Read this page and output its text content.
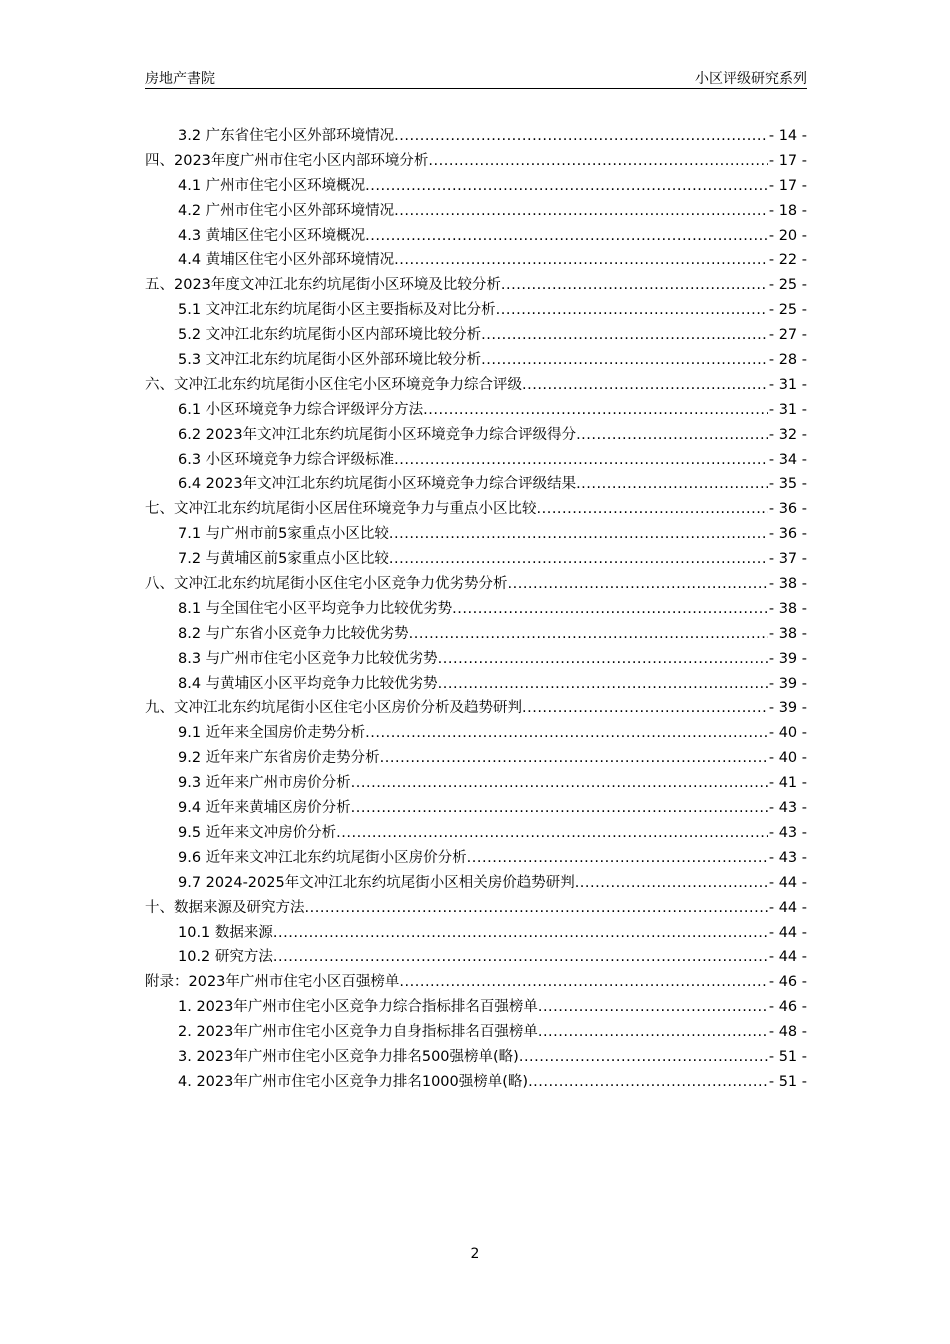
房地产書院	小区评级研究系列
3.2 广东省住宅小区外部环境情况 .....	- 14 -
四、2023年度广州市住宅小区内部环境分析 .....	- 17 -
4.1 广州市住宅小区环境概况 .....	- 17 -
4.2 广州市住宅小区外部环境情况 .....	- 18 -
4.3 黄埔区住宅小区环境概况 .....	- 20 -
4.4 黄埔区住宅小区外部环境情况 .....	- 22 -
五、2023年度文冲江北东约坑尾街小区环境及比较分析 .....	- 25 -
5.1 文冲江北东约坑尾街小区主要指标及对比分析 .....	- 25 -
5.2 文冲江北东约坑尾街小区内部环境比较分析 .....	- 27 -
5.3 文冲江北东约坑尾街小区外部环境比较分析 .....	- 28 -
六、文冲江北东约坑尾街小区住宅小区环境竞争力综合评级 .....	- 31 -
6.1 小区环境竞争力综合评级评分方法 .....	- 31 -
6.2 2023年文冲江北东约坑尾街小区环境竞争力综合评级得分 .....	- 32 -
6.3 小区环境竞争力综合评级标准 .....	- 34 -
6.4 2023年文冲江北东约坑尾街小区环境竞争力综合评级结果 .....	- 35 -
七、文冲江北东约坑尾街小区居住环境竞争力与重点小区比较 .....	- 36 -
7.1 与广州市前5家重点小区比较 .....	- 36 -
7.2 与黄埔区前5家重点小区比较 .....	- 37 -
八、文冲江北东约坑尾街小区住宅小区竞争力优劣势分析 .....	- 38 -
8.1 与全国住宅小区平均竞争力比较优劣势 .....	- 38 -
8.2 与广东省小区竞争力比较优劣势 .....	- 38 -
8.3 与广州市住宅小区竞争力比较优劣势 .....	- 39 -
8.4 与黄埔区小区平均竞争力比较优劣势 .....	- 39 -
九、文冲江北东约坑尾街小区住宅小区房价分析及趋势研判 .....	- 39 -
9.1 近年来全国房价走势分析 .....	- 40 -
9.2 近年来广东省房价走势分析 .....	- 40 -
9.3 近年来广州市房价分析 .....	- 41 -
9.4 近年来黄埔区房价分析 .....	- 43 -
9.5 近年来文冲房价分析 .....	- 43 -
9.6 近年来文冲江北东约坑尾街小区房价分析 .....	- 43 -
9.7 2024-2025年文冲江北东约坑尾街小区相关房价趋势研判 .....	- 44 -
十、数据来源及研究方法 .....	- 44 -
10.1 数据来源 .....	- 44 -
10.2 研究方法 .....	- 44 -
附录：2023年广州市住宅小区百强榜单 .....	- 46 -
1. 2023年广州市住宅小区竞争力综合指标排名百强榜单 .....	- 46 -
2. 2023年广州市住宅小区竞争力自身指标排名百强榜单 .....	- 48 -
3. 2023年广州市住宅小区竞争力排名500强榜单(略) .....	- 51 -
4. 2023年广州市住宅小区竞争力排名1000强榜单(略) .....	- 51 -
2
